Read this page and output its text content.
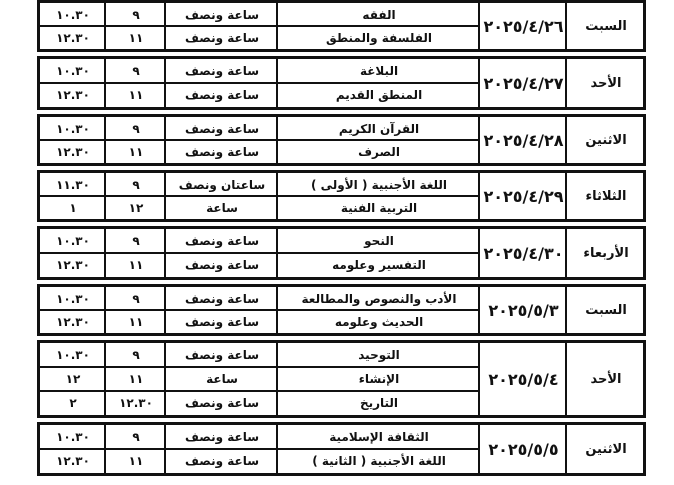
١٠.٣٠	٩	ساعة ونصف	الفقه
١٢.٣٠	١١	ساعة ونصف	الفلسفة والمنطق
٢٠٢٥/٤/٢٦	السبت
١٠.٣٠	٩	ساعة ونصف	البلاغة
١٢.٣٠	١١	ساعة ونصف	المنطق القديم
٢٠٢٥/٤/٢٧	الأحد
١٠.٣٠	٩	ساعة ونصف	القرآن الكريم
١٢.٣٠	١١	ساعة ونصف	الصرف
٢٠٢٥/٤/٢٨	الاثنين
١١.٣٠	٩	ساعتان ونصف	اللغة الأجنبية ( الأولى )
١	١٢	ساعة	التربية الفنية
٢٠٢٥/٤/٢٩	الثلاثاء
١٠.٣٠	٩	ساعة ونصف	النحو
١٢.٣٠	١١	ساعة ونصف	التفسير وعلومه
٢٠٢٥/٤/٣٠	الأربعاء
١٠.٣٠	٩	ساعة ونصف	الأدب والنصوص والمطالعة
١٢.٣٠	١١	ساعة ونصف	الحديث وعلومه
٢٠٢٥/٥/٣	السبت
١٠.٣٠	٩	ساعة ونصف	التوحيد
١٢	١١	ساعة	الإنشاء
٢	١٢.٣٠	ساعة ونصف	التاريخ
٢٠٢٥/٥/٤	الأحد
١٠.٣٠	٩	ساعة ونصف	الثقافة الإسلامية
١٢.٣٠	١١	ساعة ونصف	اللغة الأجنبية ( الثانية )
٢٠٢٥/٥/٥	الاثنين
